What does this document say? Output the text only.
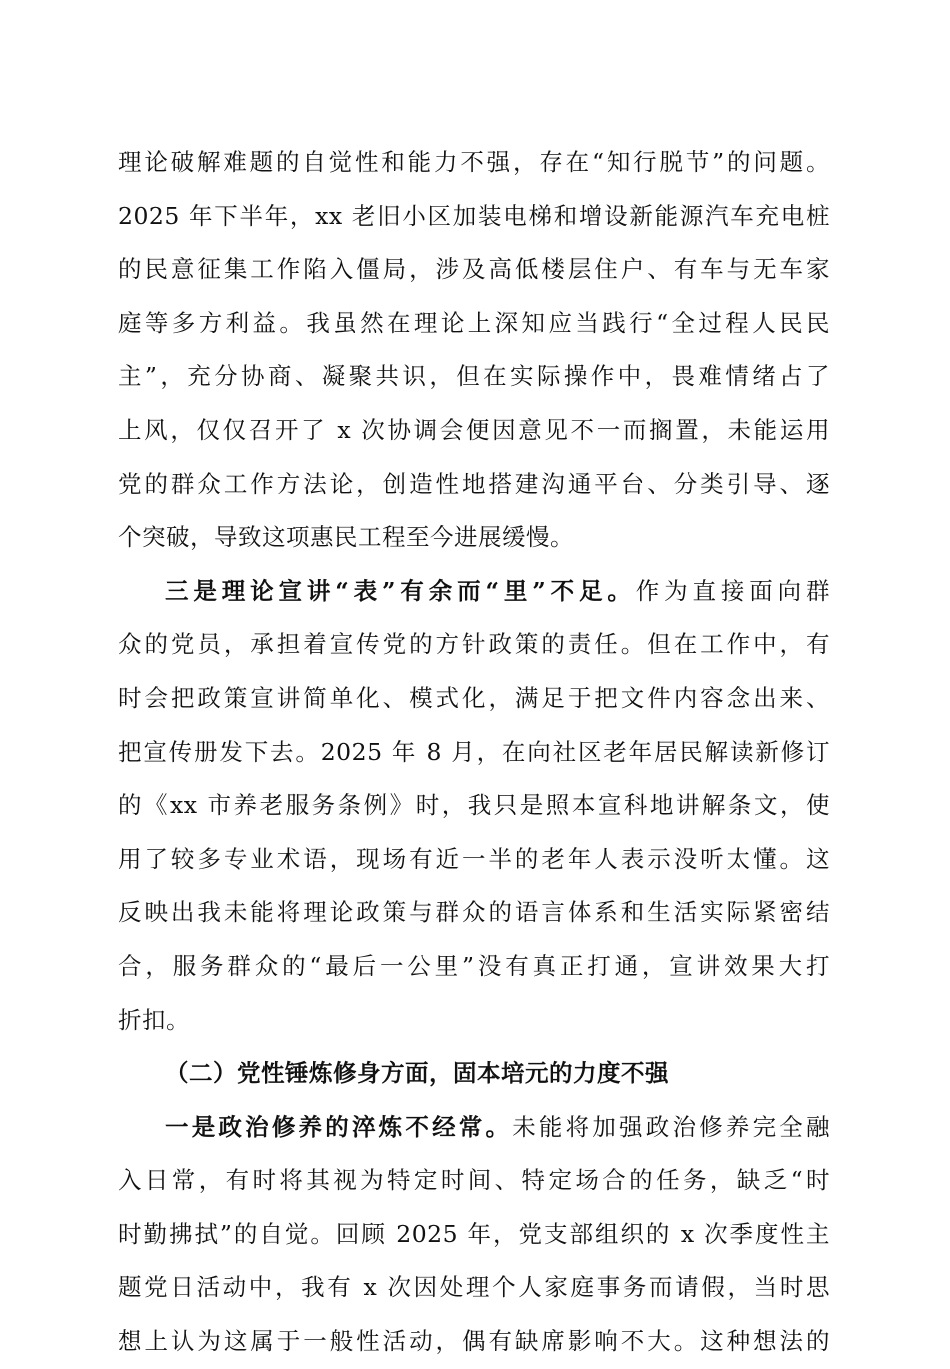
理论破解难题的自觉性和能力不强，存在“知行脱节”的问题。
2025 年下半年，xx 老旧小区加装电梯和增设新能源汽车充电桩
的民意征集工作陷入僵局，涉及高低楼层住户、有车与无车家
庭等多方利益。我虽然在理论上深知应当践行“全过程人民民
主”，充分协商、凝聚共识，但在实际操作中，畏难情绪占了
上风，仅仅召开了 x 次协调会便因意见不一而搁置，未能运用
党的群众工作方法论，创造性地搭建沟通平台、分类引导、逐
个突破，导致这项惠民工程至今进展缓慢。
三是理论宣讲“表”有余而“里”不足。作为直接面向群
众的党员，承担着宣传党的方针政策的责任。但在工作中，有
时会把政策宣讲简单化、模式化，满足于把文件内容念出来、
把宣传册发下去。2025 年 8 月，在向社区老年居民解读新修订
的《xx 市养老服务条例》时，我只是照本宣科地讲解条文，使
用了较多专业术语，现场有近一半的老年人表示没听太懂。这
反映出我未能将理论政策与群众的语言体系和生活实际紧密结
合，服务群众的“最后一公里”没有真正打通，宣讲效果大打
折扣。
（二）党性锤炼修身方面，固本培元的力度不强
一是政治修养的淬炼不经常。未能将加强政治修养完全融
入日常，有时将其视为特定时间、特定场合的任务，缺乏“时
时勤拂拭”的自觉。回顾 2025 年，党支部组织的 x 次季度性主
题党日活动中，我有 x 次因处理个人家庭事务而请假，当时思
想上认为这属于一般性活动，偶有缺席影响不大。这种想法的
